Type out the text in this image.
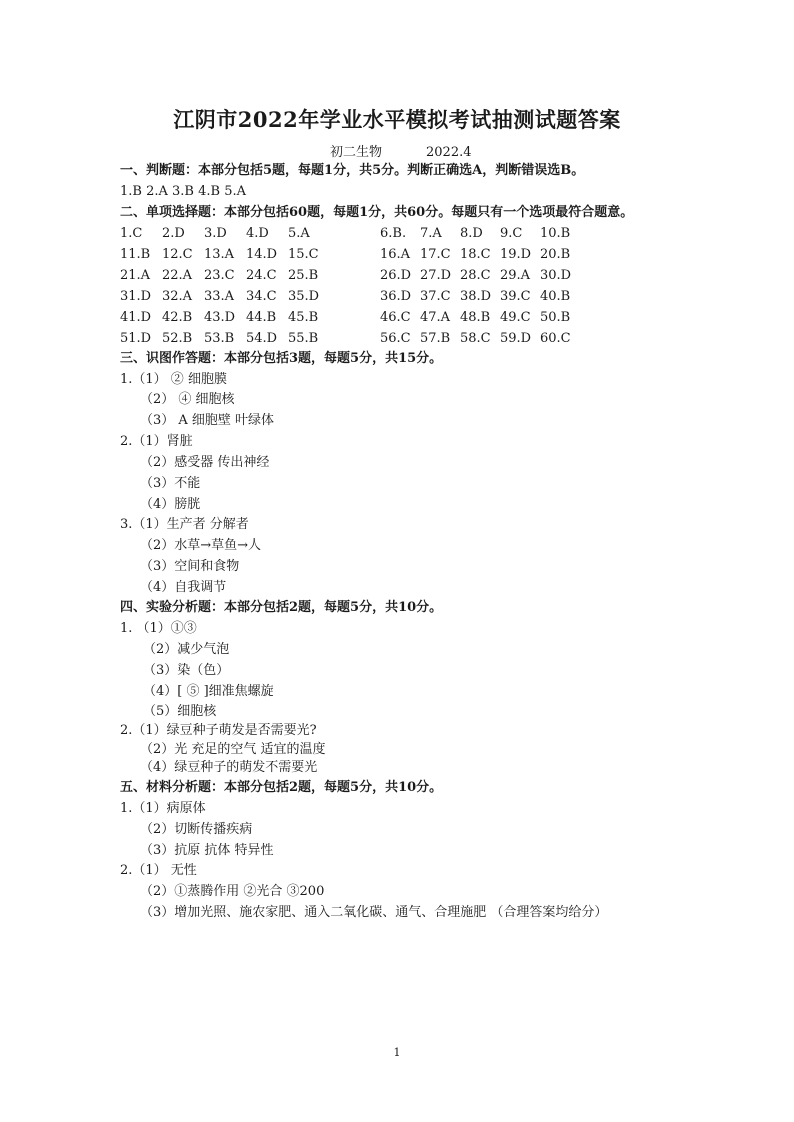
江阴市2022年学业水平模拟考试抽测试题答案
初二生物	2022.4
一、判断题：本部分包括5题，每题1分，共5分。判断正确选A，判断错误选B。
1.B 2.A 3.B 4.B 5.A
二、单项选择题：本部分包括60题，每题1分，共60分。每题只有一个选项最符合题意。
1.C 2.D 3.D 4.D 5.A	6.B. 7.A 8.D 9.C 10.B
11.B 12.C 13.A 14.D 15.C	16.A 17.C 18.C 19.D 20.B
21.A 22.A 23.C 24.C 25.B	26.D 27.D 28.C 29.A 30.D
31.D 32.A 33.A 34.C 35.D	36.D 37.C 38.D 39.C 40.B
41.D 42.B 43.D 44.B 45.B	46.C 47.A 48.B 49.C 50.B
51.D 52.B 53.B 54.D 55.B	56.C 57.B 58.C 59.D 60.C
三、识图作答题：本部分包括3题，每题5分，共15分。
1.（1） ② 细胞膜
（2） ④ 细胞核
（3） A 细胞壁 叶绿体
2.（1）肾脏
（2）感受器 传出神经
（3）不能
（4）膀胱
3.（1）生产者 分解者
（2）水草→草鱼→人
（3）空间和食物
（4）自我调节
四、实验分析题：本部分包括2题，每题5分，共10分。
1. （1）①③
（2）减少气泡
（3）染（色）
（4）[ ⑤ ]细准焦螺旋
（5）细胞核
2.（1）绿豆种子萌发是否需要光?
（2）光 充足的空气 适宜的温度
（4）绿豆种子的萌发不需要光
五、材料分析题：本部分包括2题，每题5分，共10分。
1.（1）病原体
（2）切断传播疾病
（3）抗原 抗体 特异性
2.（1） 无性
（2）①蒸腾作用 ②光合 ③200
（3）增加光照、施农家肥、通入二氧化碳、通气、合理施肥 （合理答案均给分）
1
